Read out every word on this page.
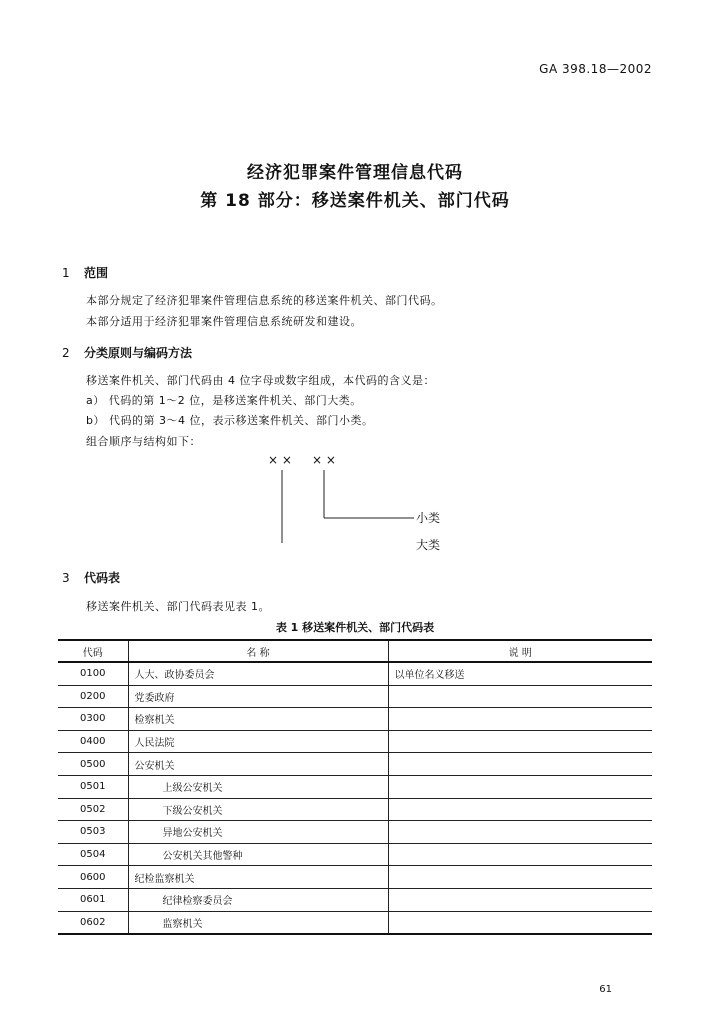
GA 398.18—2002
经济犯罪案件管理信息代码
第 18 部分：移送案件机关、部门代码
1 范围
本部分规定了经济犯罪案件管理信息系统的移送案件机关、部门代码。
本部分适用于经济犯罪案件管理信息系统研发和建设。
2 分类原则与编码方法
移送案件机关、部门代码由 4 位字母或数字组成，本代码的含义是：
a） 代码的第 1～2 位，是移送案件机关、部门大类。
b） 代码的第 3～4 位，表示移送案件机关、部门小类。
组合顺序与结构如下：
× × × ×
小类
大类
3 代码表
移送案件机关、部门代码表见表 1。
表 1 移送案件机关、部门代码表
代码	名 称	说 明
0100	人大、政协委员会	以单位名义移送
0200	党委政府	
0300	检察机关	
0400	人民法院	
0500	公安机关	
0501	上级公安机关	
0502	下级公安机关	
0503	异地公安机关	
0504	公安机关其他警种	
0600	纪检监察机关	
0601	纪律检察委员会	
0602	监察机关	
61
